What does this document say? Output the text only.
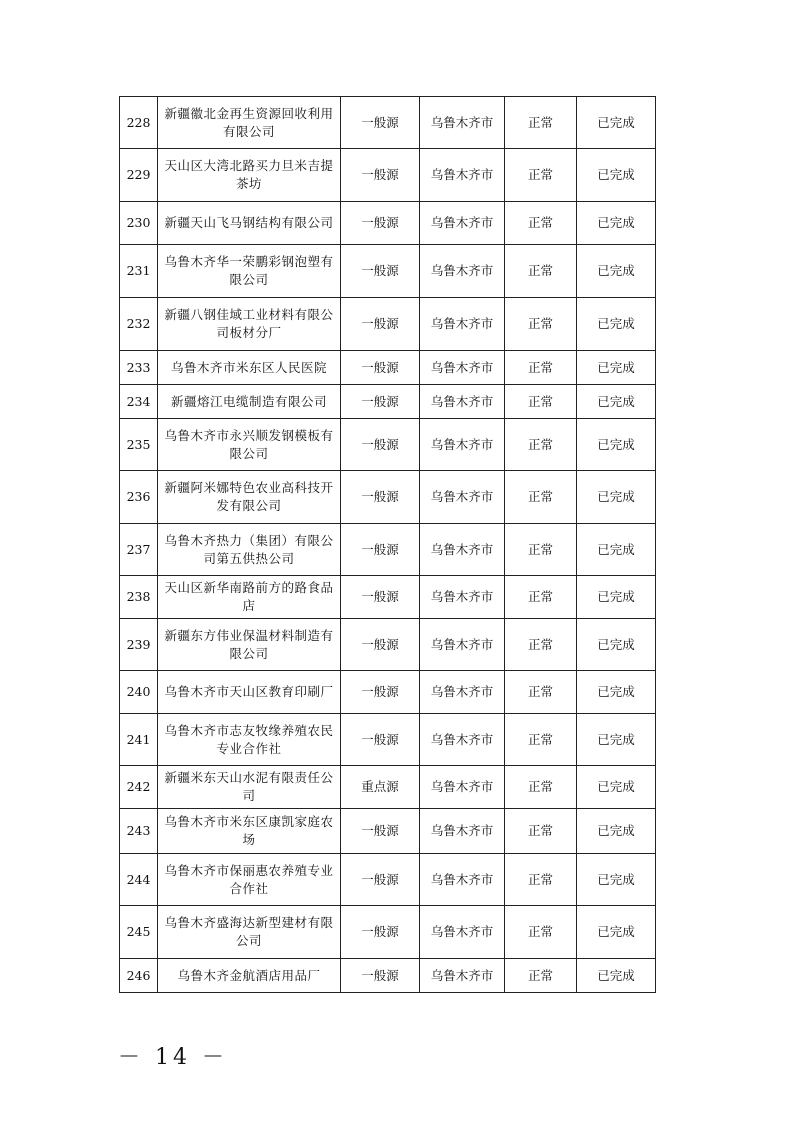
228	新疆徽北金再生资源回收利用有限公司	一般源	乌鲁木齐市	正常	已完成
229	天山区大湾北路买力旦米吉提茶坊	一般源	乌鲁木齐市	正常	已完成
230	新疆天山飞马钢结构有限公司	一般源	乌鲁木齐市	正常	已完成
231	乌鲁木齐华一荣鹏彩钢泡塑有限公司	一般源	乌鲁木齐市	正常	已完成
232	新疆八钢佳域工业材料有限公司板材分厂	一般源	乌鲁木齐市	正常	已完成
233	乌鲁木齐市米东区人民医院	一般源	乌鲁木齐市	正常	已完成
234	新疆熔江电缆制造有限公司	一般源	乌鲁木齐市	正常	已完成
235	乌鲁木齐市永兴顺发钢模板有限公司	一般源	乌鲁木齐市	正常	已完成
236	新疆阿米娜特色农业高科技开发有限公司	一般源	乌鲁木齐市	正常	已完成
237	乌鲁木齐热力（集团）有限公司第五供热公司	一般源	乌鲁木齐市	正常	已完成
238	天山区新华南路前方的路食品店	一般源	乌鲁木齐市	正常	已完成
239	新疆东方伟业保温材料制造有限公司	一般源	乌鲁木齐市	正常	已完成
240	乌鲁木齐市天山区教育印刷厂	一般源	乌鲁木齐市	正常	已完成
241	乌鲁木齐市志友牧缘养殖农民专业合作社	一般源	乌鲁木齐市	正常	已完成
242	新疆米东天山水泥有限责任公司	重点源	乌鲁木齐市	正常	已完成
243	乌鲁木齐市米东区康凯家庭农场	一般源	乌鲁木齐市	正常	已完成
244	乌鲁木齐市保丽惠农养殖专业合作社	一般源	乌鲁木齐市	正常	已完成
245	乌鲁木齐盛海达新型建材有限公司	一般源	乌鲁木齐市	正常	已完成
246	乌鲁木齐金航酒店用品厂	一般源	乌鲁木齐市	正常	已完成
－ 14 －
